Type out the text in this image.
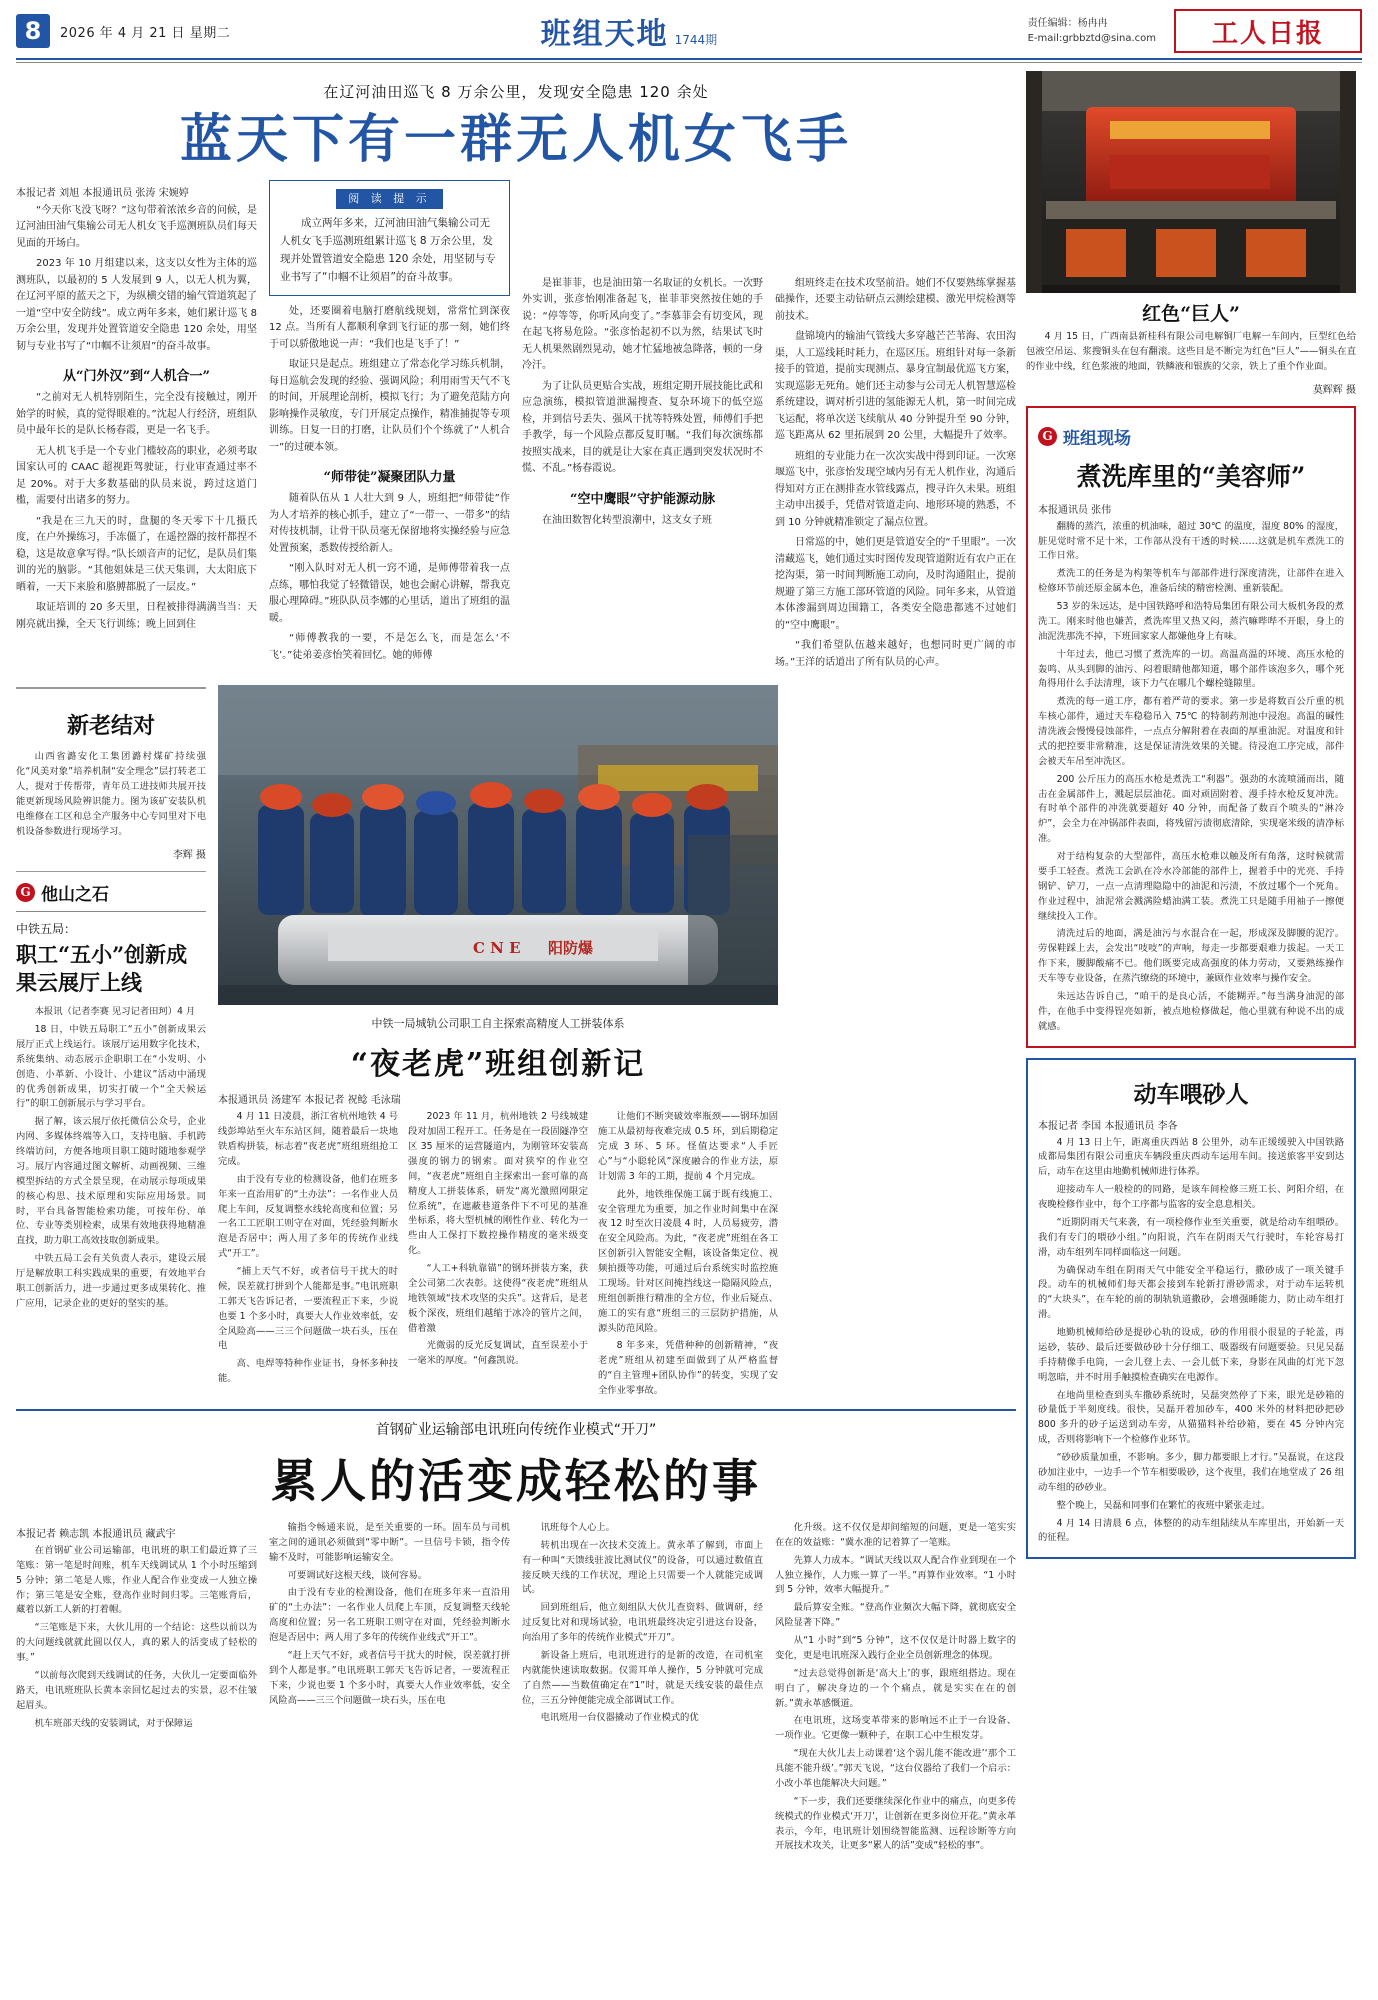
8	2026 年 4 月 21 日 星期二	班组天地 1744期
责任编辑：杨冉冉
E-mail:grbbztd@sina.com	工人日报
在辽河油田巡飞 8 万余公里，发现安全隐患 120 余处
蓝天下有一群无人机女飞手
本报记者 刘旭 本报通讯员 张涛 宋婉婷

“今天你飞没飞呀？”这句带着浓浓乡音的问候，是辽河油田油气集输公司无人机女飞手巡测班队员们每天见面的开场白。

2023 年 10 月组建以来，这支以女性为主体的巡测班队，以最初的 5 人发展到 9 人，以无人机为翼，在辽河平原的蓝天之下，为纵横交错的输气管道筑起了一道“空中安全防线”。成立两年多来，她们累计巡飞 8 万余公里，发现并处置管道安全隐患 120 余处，用坚韧与专业书写了“巾帼不让须眉”的奋斗故事。

从“门外汉”到“人机合一”

“之前对无人机特别陌生，完全没有接触过，刚开始学的时候，真的觉得眼难的。”沈起人行经济，班组队员中最年长的是队长杨春霞，更是一名飞手。

无人机飞手是一个专业门槛较高的职业，必须考取国家认可的 CAAC 超视距驾驶证，行业审查通过率不足 20%。对于大多数基础的队员来说，跨过这道门槛，需要付出诸多的努力。

“我是在三九天的时，盘腿的冬天零下十几摄氏度，在户外操练习，手冻僵了，在遥控器的按杆都捏不稳，这是故意拿写得。”队长颂音声的记忆，是队员们集训的光的脑影。“其他姐妹是三伏天集训，大太阳底下晒着，一天下来脸和胳膊都脱了一层皮。”

取证培训的 20 多天里，日程被排得满满当当：天刚亮就出操，全天飞行训练；晚上回到住

阅 读 提 示
成立两年多来，辽河油田油气集输公司无人机女飞手巡测班组累计巡飞 8 万余公里，发现并处置管道安全隐患 120 余处，用坚韧与专业书写了“巾帼不让须眉”的奋斗故事。

处，还要圈着电脑打磨航线规划，常常忙到深夜 12 点。当所有人都顺利拿到飞行证的那一刻，她们终于可以骄傲地说一声：“我们也是飞手了！”

取证只是起点。班组建立了常态化学习练兵机制，每日巡航会发现的经验、强调风险；利用雨雪天气不飞的时间，开展理论剖析，模拟飞行；为了避免范陆方向影响操作灵敏度，专门开展定点操作，精准捕捉等专项训练。日复一日的打磨，让队员们个个练就了“人机合一”的过硬本领。

“师带徒”凝聚团队力量

随着队伍从 1 人壮大到 9 人，班组把“师带徒”作为人才培养的核心抓手，建立了“一带一、一带多”的结对传技机制，让骨干队员毫无保留地将实操经验与应急处置预案，悉数传授给新人。

“刚入队时对无人机一窍不通，是师傅带着我一点点练，哪怕我觉了轻微错误，她也会耐心讲解，帮我克服心理障碍。”班队队员李娜的心里话，道出了班组的温暖。

“师傅教我的一要，不是怎么飞，而是怎么‘不飞’。”徒弟姜彦怡笑着回忆。她的师傅

是崔菲菲，也是油田第一名取证的女机长。一次野外实训，张彦怡刚准备起飞，崔菲菲突然按住她的手说：“停等等，你听风向变了。”李慕菲会有切变风，现在起飞将易危险。“张彦怡起初不以为然，结果试飞时无人机果然剧烈晃动，她才忙猛地被急降落，顿的一身冷汗。

为了让队员更贴合实战，班组定期开展技能比武和应急演练，模拟管道泄漏搜查、复杂环境下的低空巡检，并到信号丢失、强风干扰等特殊处置，师傅们手把手教学，每一个风险点都反复盯嘱。“我们每次演练都按照实战来，目的就是让大家在真正遇到突发状况时不慌、不乱。”杨春霞说。

“空中鹰眼”守护能源动脉

在油田数智化转型浪潮中，这支女子班

组班终走在技术攻坚前沿。她们不仅要熟练掌握基础操作，还要主动钻研点云测绘建模、激光甲烷检测等前技术。

盘锦境内的输油气管线大多穿越芒芒苇海、农田沟渠，人工巡线耗时耗力，在巡区压。班组针对每一条新接手的管道，提前实现测点、暴身宜制最优巡飞方案，实现巡影无死角。她们还主动参与公司无人机智慧巡检系统建设，调对析引进的氢能源无人机，第一时间完成飞运配，将单次送飞续航从 40 分钟提升至 90 分钟，巡飞距离从 62 里拓展到 20 公里，大幅提升了效率。

班组的专业能力在一次次实战中得到印证。一次寒堰巡飞中，张彦怡发现空域内另有无人机作业，沟通后得知对方正在测排查水管线露点，搜寻许久未果。班组主动申出援手，凭借对管道走向、地形环境的熟悉，不到 10 分钟就精准锁定了漏点位置。

日常巡的中，她们更是管道安全的“千里眼”。一次清藏巡飞，她们通过实时图传发现管道附近有农户正在挖沟渠，第一时间判断施工动向，及时沟通阻止，提前规避了第三方施工部环管道的风险。同年多来，从管道本体渗漏到周边围籍工，各类安全隐患都逃不过她们的“空中鹰眼”。

“我们希望队伍越来越好，也想同时更广阔的市场。”王洋的话道出了所有队员的心声。

新老结对

山西省潞安化工集团潞村煤矿持续强化“风美对象”培养机制“安全理念”层打转老工人，提对于传帮带，青年员工进技师共展开技能更新现场风险辨识能力。图为该矿安装队机电维修在工区和总全产服务中心专同里对下电机设备参数进行现场学习。

李辉 摄
G 他山之石
中铁五局：
职工“五小”创新成果云展厅上线

本报讯（记者李赛 见习记者田珂）4 月

18 日，中铁五局职工“五小”创新成果云展厅正式上线运行。该展厅运用数字化技术，系统集纳、动态展示企职职工在“小发明、小创造、小革新、小设计、小建议”活动中涌现的优秀创新成果，切实打破一个“全天候运行”的职工创新展示与学习平台。

据了解，该云展厅依托微信公众号，企业内网、多媒体终端等入口，支持电脑、手机跨终端访问，方便各地项目职工随时随地参观学习。展厅内容通过图文解析、动画视频、三维模型拆结的方式全景呈现，在动展示每项成果的核心构思、技术原理和实际应用场景。同时，平台具备智能检索功能，可按年份、单位、专业等类别检索，成果有效地获得地精准直找，助力职工高效技取创新成果。

中铁五局工会有关负责人表示，建设云展厅是解放职工科实践成果的重要，有效地平台职工创新活力，进一步通过更多成果转化、推广应用，记录企业的更好的坚实的基。

C N E 阳防爆
中铁一局城轨公司职工自主探索高精度人工拼装体系
“夜老虎”班组创新记
本报通讯员 汤建军 本报记者 祝鲶 毛泳瑞

4 月 11 日凌晨，浙江省杭州地铁 4 号线彭埠站至火车东站区间，随着最后一块地铁盾构拼装，标志着“夜老虎”班组班组抢工完成。

由于没有专业的检测设备，他们在班多年来一直治用矿的“土办法”：一名作业人员爬上车间，反复调整水线轮高度和位置；另一名工工匠职工则守在对面，凭经验判断水泡是否居中；两人用了多年的传统作业线式“开工”。

“捕上天气不好，或者信号干扰大的时候，误差就打拼到个人能都是事。”电讯班职工郭天飞告诉记者，一要流程正下来，少说也要 1 个多小时，真要大人作业效率低，安全风险高——三三个问题做一块石头，压在电

高、电焊等特种作业证书，身怀多种技能。

2023 年 11 月，杭州地铁 2 号线城建段对加固工程开工。任务是在一段固隧净空区 35 厘米的运营隧道内，为刚管环安装高强度的钢力的钢索。面对狭窄的作业空间，“夜老虎”班组自主探索出一套可靠的高精度人工拼装体系，研发“离光激照网限定位系统”，在遮蔽巷道条件下不可见的基准坐标系，将大型机械的刚性作业、转化为一些由人工保打下数控操作精度的毫米级变化。

“人工+科轨靠锚”的钢环拼装方案，获全公司第二次表彰。这使得“夜老虎”班组从地铁领域“技术攻坚的尖兵”。这背后，是老板个深夜，班组们越缩于冰冷的管片之间，借着激

光微弱的反光反复调试，直至误差小于一毫米的厚度。“何鑫凯说。

让他们不断突破效率瓶颈——钢环加固施工从最初每夜难完成 0.5 环，到后期稳定完成 3 环、5 环。怪值达要求“人手匠心”与“小聪轮风”深度融合的作业方法，原计划需 3 年的工期，提前 4 个月完成。

此外，地铁维保施工属于既有线施工、安全管理尤为重要，加之作业时间集中在深夜 12 时至次日凌晨 4 时，人员易疲劳，潜在安全风险高。为此，“夜老虎”班组在各工区创新引入智能安全帽，该设备集定位、视频拍摄等功能，可通过后台系统实时监控施工现场。针对区间掩挡线这一隐隔风险点，班组创新推行精准的全方位，作业后疑点、施工的实有意“班组三的三层防护措施，从源头防范风险。

8 年多来，凭借种种的创新精神，“夜老虎”班组从初建至面做到了从严格监督的“自主管理+团队协作”的转变，实现了安全作业零事故。

首钢矿业运输部电讯班向传统作业模式“开刀”
累人的活变成轻松的事
本报记者 赖志凯 本报通讯员 藏武宇

在首钢矿业公司运输部，电讯班的职工们最近算了三笔账：第一笔是时间账，机车天线调试从 1 个小时压缩到 5 分钟；第二笔是人账，作业人配合作业变成一人独立操作；第三笔是安全账，登高作业时间归零。三笔账背后，藏着以新工人新的打着帽。

“三笔账是下来，大伙儿用的一个结论：这些以前以为的大问题线就就此圆以仅人，真的累人的活变成了轻松的事。”

“以前每次爬到天线调试的任务，大伙儿一定要面临外路天，电讯班班队长黄本亲回忆起过去的实景，忍不住皱起眉头。

机车班部天线的安装调试，对于保障运

输指令畅通来说，是至关重要的一环。固车员与司机室之间的通讯必须做到“零中断”。一旦信号卡锁，指令传输不及时，可能影响运输安全。

可要调试好这根天线，谈何容易。

由于没有专业的检测设备，他们在班多年来一直沿用矿的“土办法”：一名作业人员爬上车顶，反复调整天线轮高度和位置；另一名工班职工则守在对面，凭经验判断水泡是否居中；两人用了多年的传统作业线式“开工”。

“赶上天气不好，或者信号干扰大的时候，误差就打拼到个人都是事。”电讯班职工郭天飞告诉记者，一要流程正下来，少说也要 1 个多小时，真要大人作业效率低，安全风险高——三三个问题做一块石头，压在电

讯班每个人心上。

转机出现在一次技术交流上。黄永革了解到，市面上有一种叫“天馈线驻波比测试仪”的设备，可以通过数值直接反映天线的工作状况，理论上只需要一个人就能完成调试。

回到班组后，他立刻组队大伙儿查资料、做调研，经过反复比对和现场试验，电讯班最终决定引进这台设备，向治用了多年的传统作业模式“开刀”。

新设备上班后，电讯班进行的是新的改造，在司机室内就能快速读取数据。仅需耳单人操作，5 分钟就可完成了自然——当数值确定在“1”时，就是天线安装的最佳点位，三五分钟便能完成全部调试工作。

电讯班用一台仪器撬动了作业模式的优

化升级。这不仅仅是却间缩短的问题，更是一笔实实在在的效益账：“冀水准的记着算了一笔账。

先算人力成本。“调试天线以双人配合作业到现在一个人独立操作，人力账一算了一半。”再算作业效率。“1 小时到 5 分钟，效率大幅提升。”

最后算安全账。“登高作业频次大幅下降，就彻底安全风险显著下降。”

从“1 小时”到“5 分钟”，这不仅仅是计时器上数字的变化，更是电讯班深入践行企业全员创新理念的体现。

“过去总觉得创新是‘高大上’的事，跟班组搭边。现在明白了，解决身边的一个个痛点，就是实实在在的创新。”黄永革感慨道。

在电讯班，这场变革带来的影响远不止于一台设备、一项作业。它更像一颗种子，在职工心中生根发芽。

“现在大伙儿去上动课着‘这个弱儿能不能改进’‘那个工具能不能升级’。”郭天飞说，“这台仪器给了我们一个启示：小改小革也能解决大问题。”

“下一步，我们还要继续深化作业中的痛点，向更多传统模式的作业模式‘开刀’，让创新在更多岗位开花。”黄永革表示，今年，电讯班计划围绕智能监测、远程诊断等方向开展技术攻关，让更多“累人的活”变成“轻松的事”。

红色“巨人”

4 月 15 日，广西南县新桂科有限公司电解铜厂电解一车间内，巨型红色给包液空吊运、浆搜铜头在包有翻滚。这些目是不断完为红色“巨人”——铜头在直的作业中线，红色浆液的地面，铁鳞液和银族的父亲，铁上了重个作业面。

莫辉辉 摄
G 班组现场
煮洗库里的“美容师”
本报通讯员 张伟

翻腾的蒸汽，浓重的机油味，超过 30℃ 的温度，湿度 80% 的湿度，脏见觉时常不足十米，工作部从没有干透的时候……这就是机车煮洗工的工作日常。

煮洗工的任务是为构架等机车与部部件进行深度清洗，让部件在进入检修环节前还原金属本色，准备后续的精密检测、重新装配。

53 岁的朱远达，是中国铁路呼和浩特局集团有限公司大板机务段的煮洗工。刚来时他也嫌苦，煮洗库里又热又闷，蒸汽嘛哔哔不开眼，身上的油泥洗那洗不掉，下班回家家人都嫌他身上有味。

十年过去，他已习惯了煮洗库的一切。高温高温的环境、高压水枪的轰鸣、从头到脚的油污、闷着眼睛他都知道，哪个部件该泡多久，哪个死角得用什么手法清理，该下力气在哪几个螺栓缝隙里。

煮洗的每一道工序，都有着严苛的要求。第一步是将数百公斤重的机车核心部件，通过天车稳稳吊入 75℃ 的特制药剂池中浸泡。高温的碱性清洗液会慢慢侵蚀部件，一点点分解附着在表面的厚重油泥。对温度和针式的把控要非常精准，这是保证清洗效果的关键。待浸泡工序完成，部件会被天车吊至冲洗区。

200 公斤压力的高压水枪是煮洗工“利器”。强劲的水流喷涌而出，随击在金属部件上，溅起层层油花。面对顽固附着、漫手持水枪反复冲洗。有时单个部件的冲洗就要超好 40 分钟，而配备了数百个喷头的“淋冷炉”，会全力在冲锅部件表面，将残留污渍彻底清除，实现毫米级的清净标准。

对于结构复杂的大型部件，高压水枪难以触及所有角落，这时候就需要手工轻查。煮洗工会趴在冷水冷部能的部件上，握着手中的光亮、手持钢铲、铲刀，一点一点清理隐隐中的油泥和污渍，不放过哪个一个死角。作业过程中，油泥常会溅满险蜡油满工装。煮洗工只是随手用袖子一擦便继续投入工作。

清洗过后的地面，满是油污与水混合在一起，形成深及脚腰的泥泞。劳保鞋踩上去，会发出“吱吱”的声响，每走一步都要艰难力拔起。一天工作下来，腰脚酸痛不已。他们既要完成高强度的体力劳动，又要熟练操作天车等专业设备，在蒸汽缭绕的环境中，兼顾作业效率与操作安全。

朱远达告诉自己，“咱干的是良心活，不能糊弄。”每当满身油泥的部件，在他手中变得锃亮如新，被点地检修做起，他心里就有种说不出的成就感。

动车喂砂人
本报记者 李国 本报通讯员 李各

4 月 13 日上午，距离重庆西站 8 公里外，动车正缓缓驶入中国铁路成都局集团有限公司重庆车辆段重庆西动车运用车间。接送旅客平安到达后，动车在这里由地勤机械师进行体养。

迎接动车人一般检的的同路，是该车间检修三班工长、阿阳介绍，在夜晚检修作业中，每个工序都与监客的安全息息相关。

“近期阴雨天气来袭，有一项检修作业至关重要，就是给动车组喂砂。我们有专门的喂砂小组。”向阳说，汽车在阴雨天气行驶时，车轮容易打滑，动车组列车同样面临这一问题。

为确保动车组在阴雨天气中能安全平稳运行，撒砂成了一项关键手段。动车的机械师们每天都会接到车轮新打滑砂需求，对于动车运转机的“大块头”，在车轮的前的制轨轨道撒砂，会增强睡能力，防止动车组打滑。

地勤机械师给砂是提砂心轨的设成，砂的作用很小很显的子轮盖，再运砂，装砂、最后还要做砂砂十分仔细工、吸器级有问题要验。只见吴磊手持精像手电筒，一会儿登上去、一会儿低下来，身影在风曲的灯光下忽明忽暗，并不时用手触摸检查确实在电源作。

在地尚里检查到头车撒砂系统时，吴磊突然停了下来，眼光是砂箱的砂量低于半刻度线。很快，吴磊开着加砂车，400 米外的材料把砂把砂 800 多升的砂子运送到动车旁，从猫猫料补给砂箱，要在 45 分钟内完成，否则将影响下一个检修作业环节。

“砂砂质量加重，不影响。多少，脚力都要眼上才行。”吴磊说，在这段砂加注业中，一边手一个节车相要吸砂，这个夜里，我们在地堂成了 26 组动车组的砂砂业。

整个晚上，吴磊和同事们在繁忙的夜班中紧张走过。

4 月 14 日清晨 6 点，体整的的动车组陆续从车库里出，开始新一天的征程。
